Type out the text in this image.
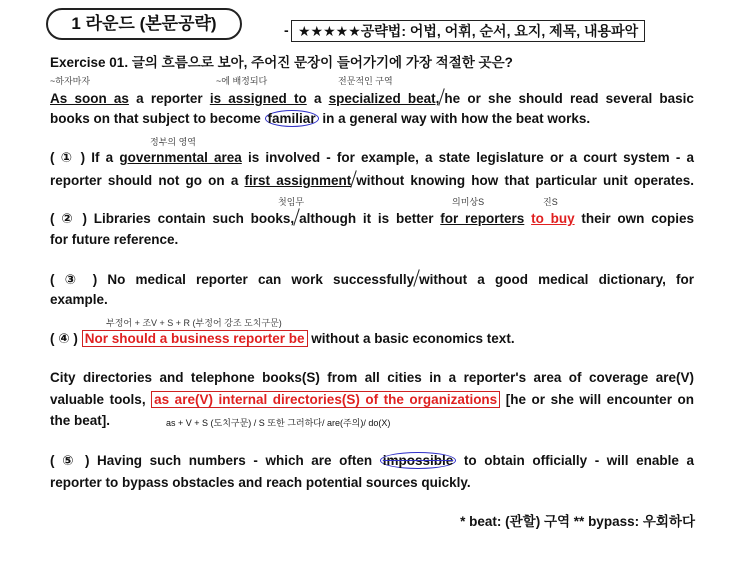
1 라운드 (본문공략)	- ★★★★★공략법: 어법, 어휘, 순서, 요지, 제목, 내용파악
Exercise 01. 글의 흐름으로 보아, 주어진 문장이 들어가기에 가장 적절한 곳은?
~하자마자	~에 배정되다	전문적인 구역
As soon as a reporter is assigned to a specialized beat, he or she should read several basic
books on that subject to become familiar in a general way with how the beat works.
정부의 영역
( ① ) If a governmental area is involved - for example, a state legislature or a court system - a
reporter should not go on a first assignment without knowing how that particular unit operates.
첫임무	의미상S	진S
( ② ) Libraries contain such books, although it is better for reporters to buy their own copies
for future reference.
( ③ ) No medical reporter can work successfully without a good medical dictionary, for
example.
부정어 + 조V + S + R (부정어 강조 도치구문)
( ④ ) Nor should a business reporter be without a basic economics text.
City directories and telephone books(S) from all cities in a reporter's area of coverage are(V)
valuable tools, as are(V) internal directories(S) of the organizations [he or she will encounter on
the beat].	as + V + S (도치구문) / S 또한 그러하다/ are(주의)/ do(X)
( ⑤ ) Having such numbers - which are often impossible to obtain officially - will enable a
reporter to bypass obstacles and reach potential sources quickly.
* beat: (관할) 구역 ** bypass: 우회하다
